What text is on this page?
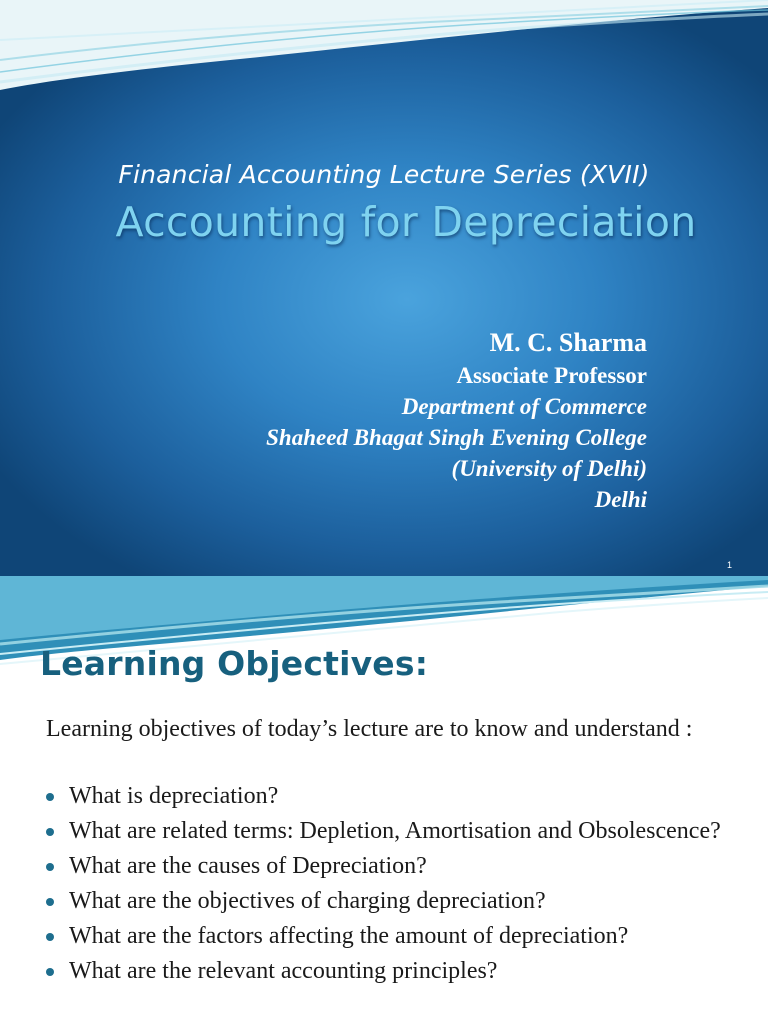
Financial Accounting Lecture Series (XVII)
Accounting for Depreciation
M. C. Sharma
Associate Professor
Department of Commerce
Shaheed Bhagat Singh Evening College
(University of Delhi)
Delhi
1
Learning Objectives:
Learning objectives of today’s lecture are to know and understand :
What is depreciation?
What are related terms: Depletion, Amortisation and Obsolescence?
What are the causes of Depreciation?
What are the objectives of charging depreciation?
What are the factors affecting the amount of depreciation?
What are the relevant accounting principles?
